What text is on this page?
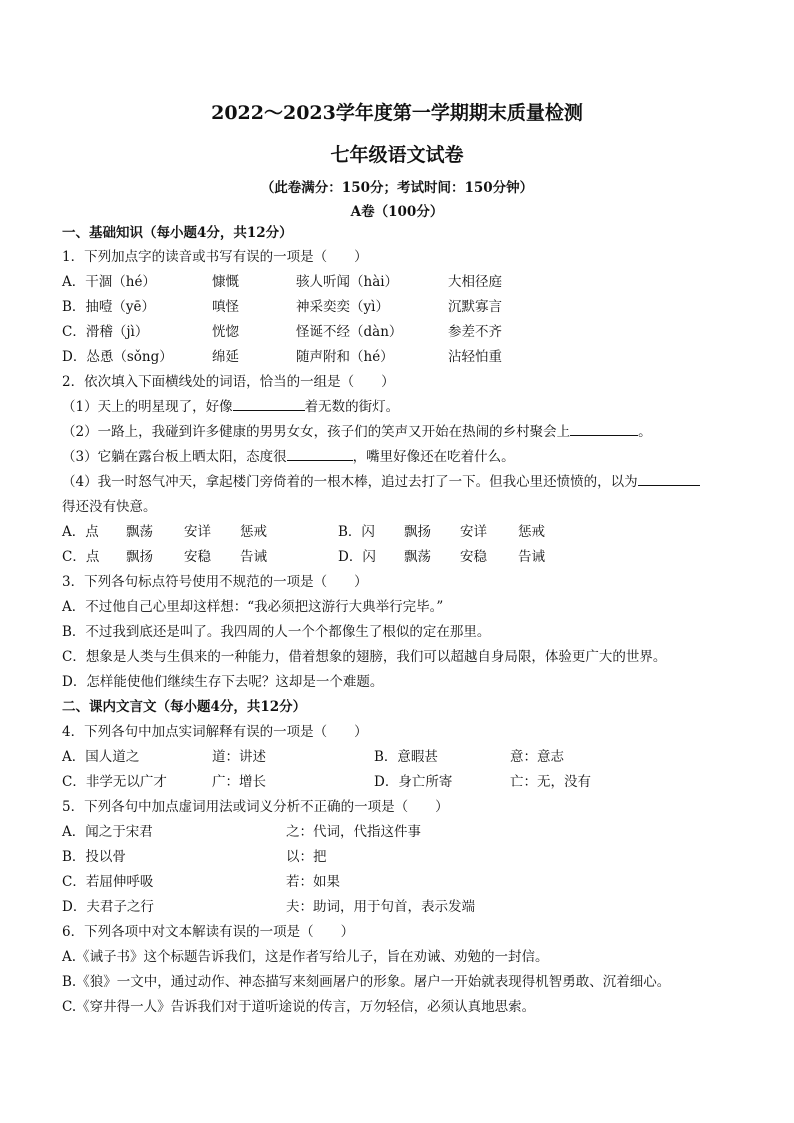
2022～2023学年度第一学期期末质量检测
七年级语文试卷
（此卷满分：150分；考试时间：150分钟）
A卷（100分）
一、基础知识（每小题4分，共12分）
1．下列加点字的读音或书写有误的一项是（　　）
A．干涸（hé）	慷慨	骇人听闻（hài）	大相径庭
B．抽噎（yē）	嗔怪	神采奕奕（yì）	沉默寡言
C．滑稽（jì）	恍惚	怪诞不经（dàn）	参差不齐
D．怂恿（sǒng）	绵延	随声附和（hé）	沾轻怕重
2．依次填入下面横线处的词语，恰当的一组是（　　）
（1）天上的明星现了，好像	着无数的街灯。
（2）一路上，我碰到许多健康的男男女女，孩子们的笑声又开始在热闹的乡村聚会上	。
（3）它躺在露台板上晒太阳，态度很	，嘴里好像还在吃着什么。
（4）我一时怒气冲天，拿起楼门旁倚着的一根木棒，追过去打了一下。但我心里还愤愤的，以为
得还没有快意。
A．点 飘荡 安详 惩戒	B．闪 飘扬 安详 惩戒
C．点 飘扬 安稳 告诫	D．闪 飘荡 安稳 告诫
3．下列各句标点符号使用不规范的一项是（　　）
A．不过他自己心里却这样想：“我必须把这游行大典举行完毕。”
B．不过我到底还是叫了。我四周的人一个个都像生了根似的定在那里。
C．想象是人类与生俱来的一种能力，借着想象的翅膀，我们可以超越自身局限，体验更广大的世界。
D．怎样能使他们继续生存下去呢？这却是一个难题。
二、课内文言文（每小题4分，共12分）
4．下列各句中加点实词解释有误的一项是（　　）
A．国人道之	道：讲述	B．意暇甚	意：意志
C．非学无以广才	广：增长	D．身亡所寄	亡：无，没有
5．下列各句中加点虚词用法或词义分析不正确的一项是（　　）
A．闻之于宋君	之：代词，代指这件事
B．投以骨	以：把
C．若屈伸呼吸	若：如果
D．夫君子之行	夫：助词，用于句首，表示发端
6．下列各项中对文本解读有误的一项是（　　）
A.《诫子书》这个标题告诉我们，这是作者写给儿子，旨在劝诫、劝勉的一封信。
B.《狼》一文中，通过动作、神态描写来刻画屠户的形象。屠户一开始就表现得机智勇敢、沉着细心。
C.《穿井得一人》告诉我们对于道听途说的传言，万勿轻信，必须认真地思索。
